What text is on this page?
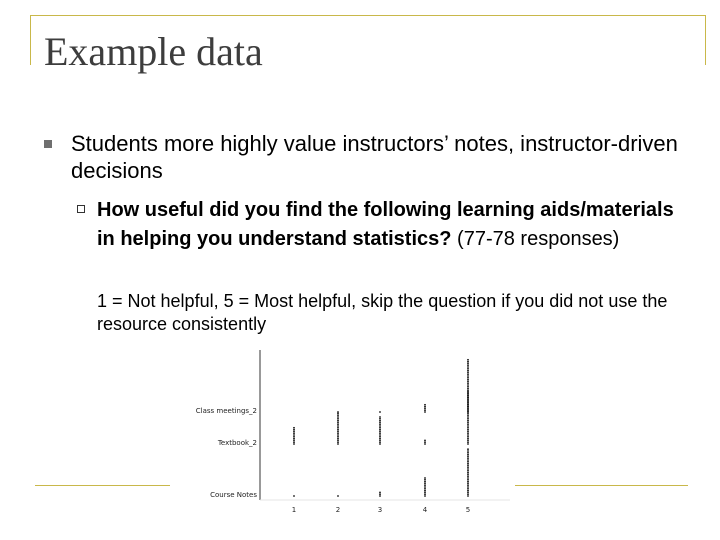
Example data
Students more highly value instructors’ notes, instructor-driven decisions
How useful did you find the following learning aids/materials in helping you understand statistics? (77-78 responses)
1 = Not helpful, 5 = Most helpful, skip the question if you did not use the resource consistently
Class meetings_2
Textbook_2
Course Notes
1	2	3	4	5
